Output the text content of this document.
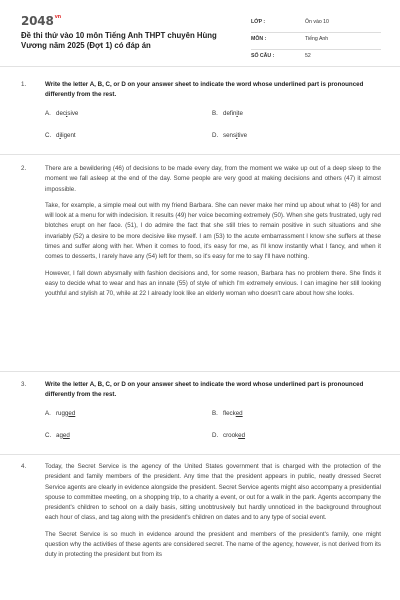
$2048^{vn}$
Đề thi thử vào 10 môn Tiếng Anh THPT chuyên Hùng Vương năm 2025 (Đợt 1) có đáp án
LỚP :	Ôn vào 10
MÔN :	Tiếng Anh
SỐ CÂU :	52
1.	Write the letter A, B, C, or D on your answer sheet to indicate the word whose underlined part is pronounced differently from the rest.
A. decisive	B. definite
C. diligent	D. sensitive
2.	There are a bewildering (46) of decisions to be made every day, from the moment we wake up out of a deep sleep to the moment we fall asleep at the end of the day. Some people are very good at making decisions and others (47) it almost impossible.

Take, for example, a simple meal out with my friend Barbara. She can never make her mind up about what to (48) for and will look at a menu for with indecision. It results (49) her voice becoming extremely (50). When she gets frustrated, ugly red blotches erupt on her face. (51), I do admire the fact that she still tries to remain positive in such situations and she invariably (52) a desire to be more decisive like myself. I am (53) to the acute embarrassment I know she suffers at these times and suffer along with her. When it comes to food, it's easy for me, as I'll know instantly what I fancy, and when it comes to desserts, I rarely have any (54) left for them, so it's easy for me to say I'll have nothing.

However, I fall down abysmally with fashion decisions and, for some reason, Barbara has no problem there. She finds it easy to decide what to wear and has an innate (55) of style of which I'm extremely envious. I can imagine her still looking youthful and stylish at 70, while at 22 I already look like an elderly woman who doesn't care about how she looks.

3.	Write the letter A, B, C, or D on your answer sheet to indicate the word whose underlined part is pronounced differently from the rest.
A. rugged	B. flecked
C. aged	D. crooked
4.	Today, the Secret Service is the agency of the United States government that is charged with the protection of the president and family members of the president. Any time that the president appears in public, neatly dressed Secret Service agents are clearly in evidence alongside the president. Secret Service agents might also accompany a presidential spouse to committee meeting, on a shopping trip, to a charity a event, or out for a walk in the park. Agents accompany the president's children to school on a daily basis, sitting unobtrusively but hardly unnoticed in the background throughout each hour of class, and tag along with the president's children on dates and to any type of social event.

The Secret Service is so much in evidence around the president and members of the president's family, one might question why the activities of these agents are considered secret. The name of the agency, however, is not derived from its duty in protecting the president but from its
